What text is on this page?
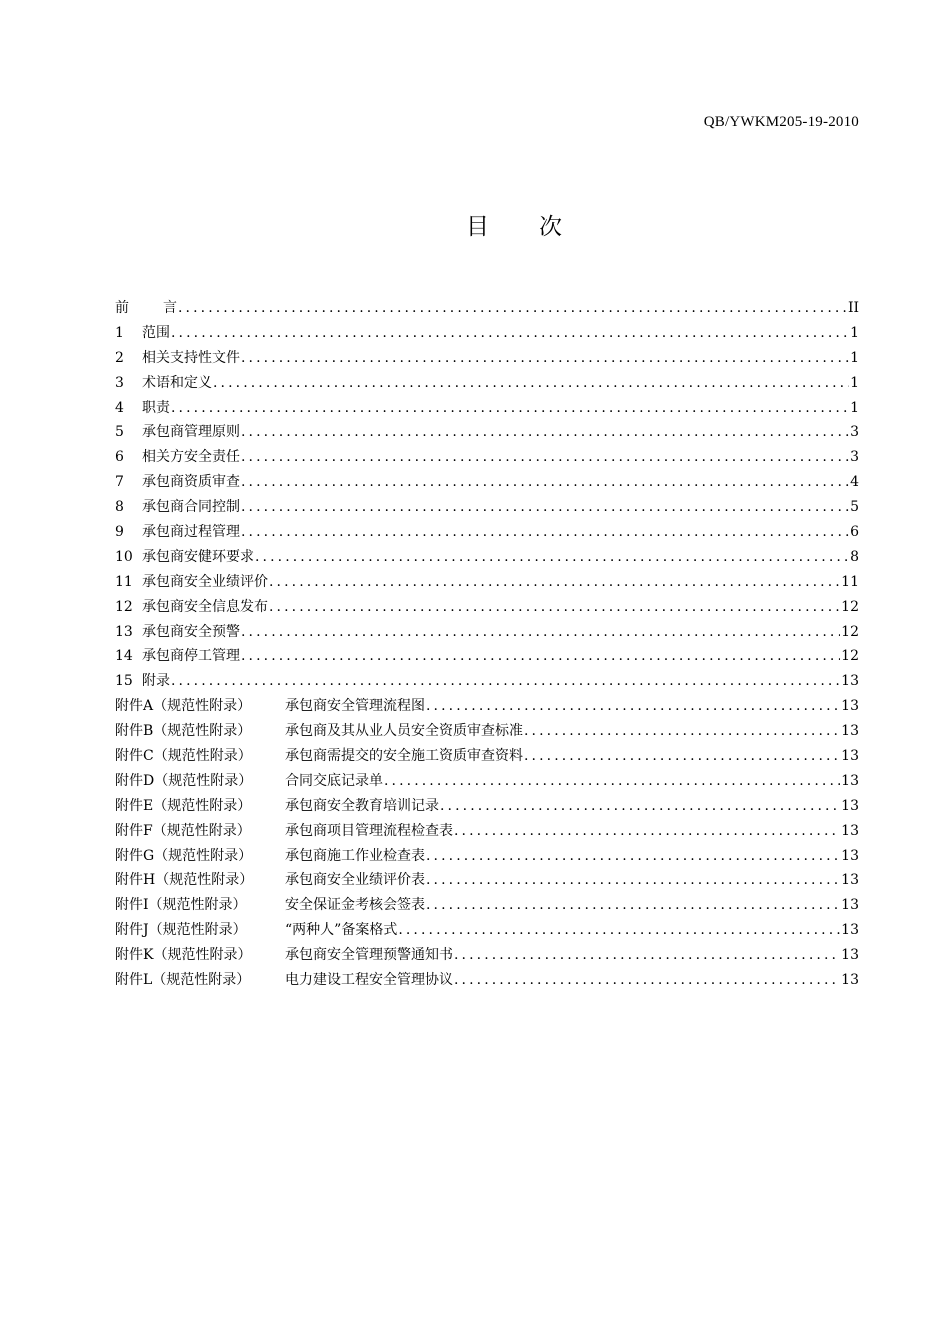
QB/YWKM205-19-2010
目 次
前	言 .....	II
1	范围 .....	1
2	相关支持性文件 .....	1
3	术语和定义 .....	1
4	职责 .....	1
5	承包商管理原则 .....	3
6	相关方安全责任 .....	3
7	承包商资质审查 .....	4
8	承包商合同控制 .....	5
9	承包商过程管理 .....	6
10 承包商安健环要求 .....	8
11 承包商安全业绩评价 .....	11
12 承包商安全信息发布 .....	12
13 承包商安全预警 .....	12
14 承包商停工管理 .....	12
15 附录 .....	13
附件A（规范性附录）	承包商安全管理流程图 .....	13
附件B（规范性附录）	承包商及其从业人员安全资质审查标准 .....	13
附件C（规范性附录）	承包商需提交的安全施工资质审查资料 .....	13
附件D（规范性附录）	合同交底记录单 .....	13
附件E（规范性附录）	承包商安全教育培训记录 .....	13
附件F（规范性附录）	承包商项目管理流程检查表 .....	13
附件G（规范性附录）	承包商施工作业检查表 .....	13
附件H（规范性附录）	承包商安全业绩评价表 .....	13
附件I（规范性附录）	安全保证金考核会签表 .....	13
附件J（规范性附录）	“两种人”备案格式 .....	13
附件K（规范性附录）	承包商安全管理预警通知书 .....	13
附件L（规范性附录）	电力建设工程安全管理协议 .....	13
